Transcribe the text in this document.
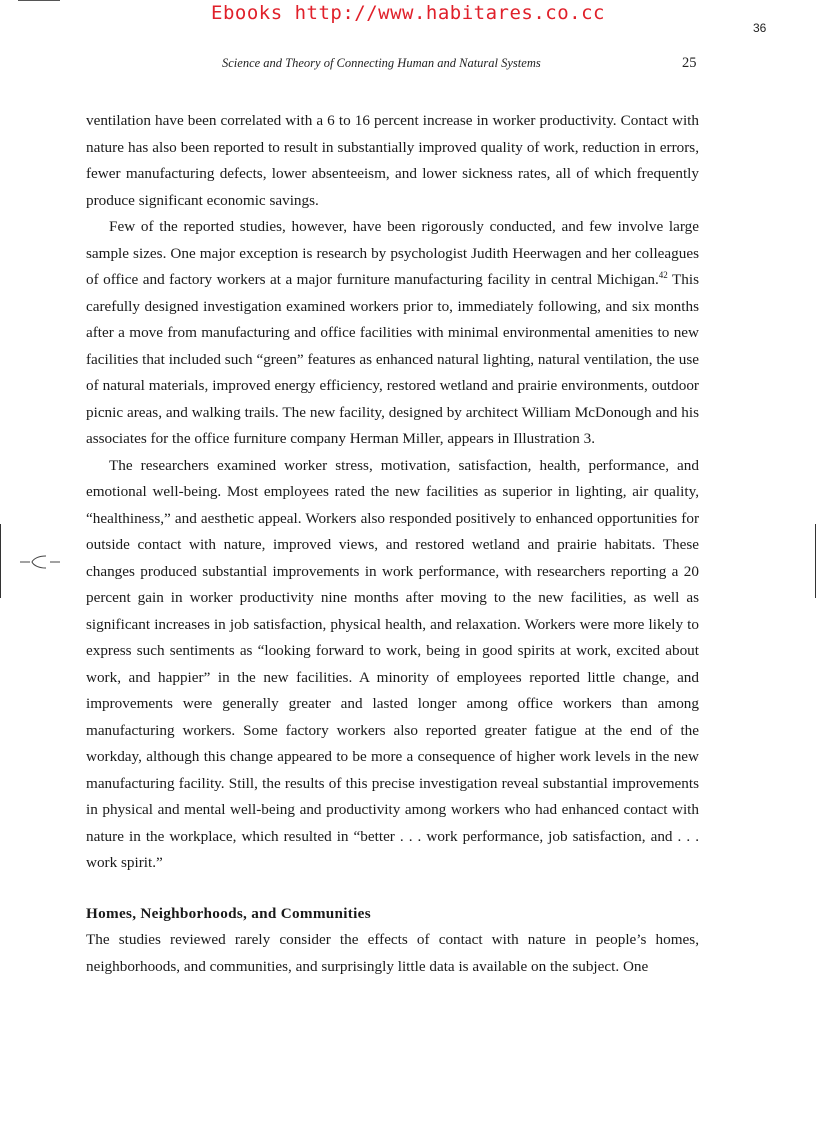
Ebooks http://www.habitares.co.cc
36
Science and Theory of Connecting Human and Natural Systems	25

ventilation have been correlated with a 6 to 16 percent increase in worker productivity. Contact with nature has also been reported to result in substantially improved quality of work, reduction in errors, fewer manufacturing defects, lower absenteeism, and lower sickness rates, all of which frequently produce significant economic savings.

Few of the reported studies, however, have been rigorously conducted, and few involve large sample sizes. One major exception is research by psychologist Judith Heerwagen and her colleagues of office and factory workers at a major furniture manufacturing facility in central Michigan.$^{42}$ This carefully designed investigation examined workers prior to, immediately following, and six months after a move from manufacturing and office facilities with minimal environmental amenities to new facilities that included such “green” features as enhanced natural lighting, natural ventilation, the use of natural materials, improved energy efficiency, restored wetland and prairie environments, outdoor picnic areas, and walking trails. The new facility, designed by architect William McDonough and his associates for the office furniture company Herman Miller, appears in Illustration 3.

The researchers examined worker stress, motivation, satisfaction, health, performance, and emotional well-being. Most employees rated the new facilities as superior in lighting, air quality, “healthiness,” and aesthetic appeal. Workers also responded positively to enhanced opportunities for outside contact with nature, improved views, and restored wetland and prairie habitats. These changes produced substantial improvements in work performance, with researchers reporting a 20 percent gain in worker productivity nine months after moving to the new facilities, as well as significant increases in job satisfaction, physical health, and relaxation. Workers were more likely to express such sentiments as “looking forward to work, being in good spirits at work, excited about work, and happier” in the new facilities. A minority of employees reported little change, and improvements were generally greater and lasted longer among office workers than among manufacturing workers. Some factory workers also reported greater fatigue at the end of the workday, although this change appeared to be more a consequence of higher work levels in the new manufacturing facility. Still, the results of this precise investigation reveal substantial improvements in physical and mental well-being and productivity among workers who had enhanced contact with nature in the workplace, which resulted in “better . . . work performance, job satisfaction, and . . . work spirit.”

Homes, Neighborhoods, and Communities

The studies reviewed rarely consider the effects of contact with nature in people’s homes, neighborhoods, and communities, and surprisingly little data is available on the subject. One
